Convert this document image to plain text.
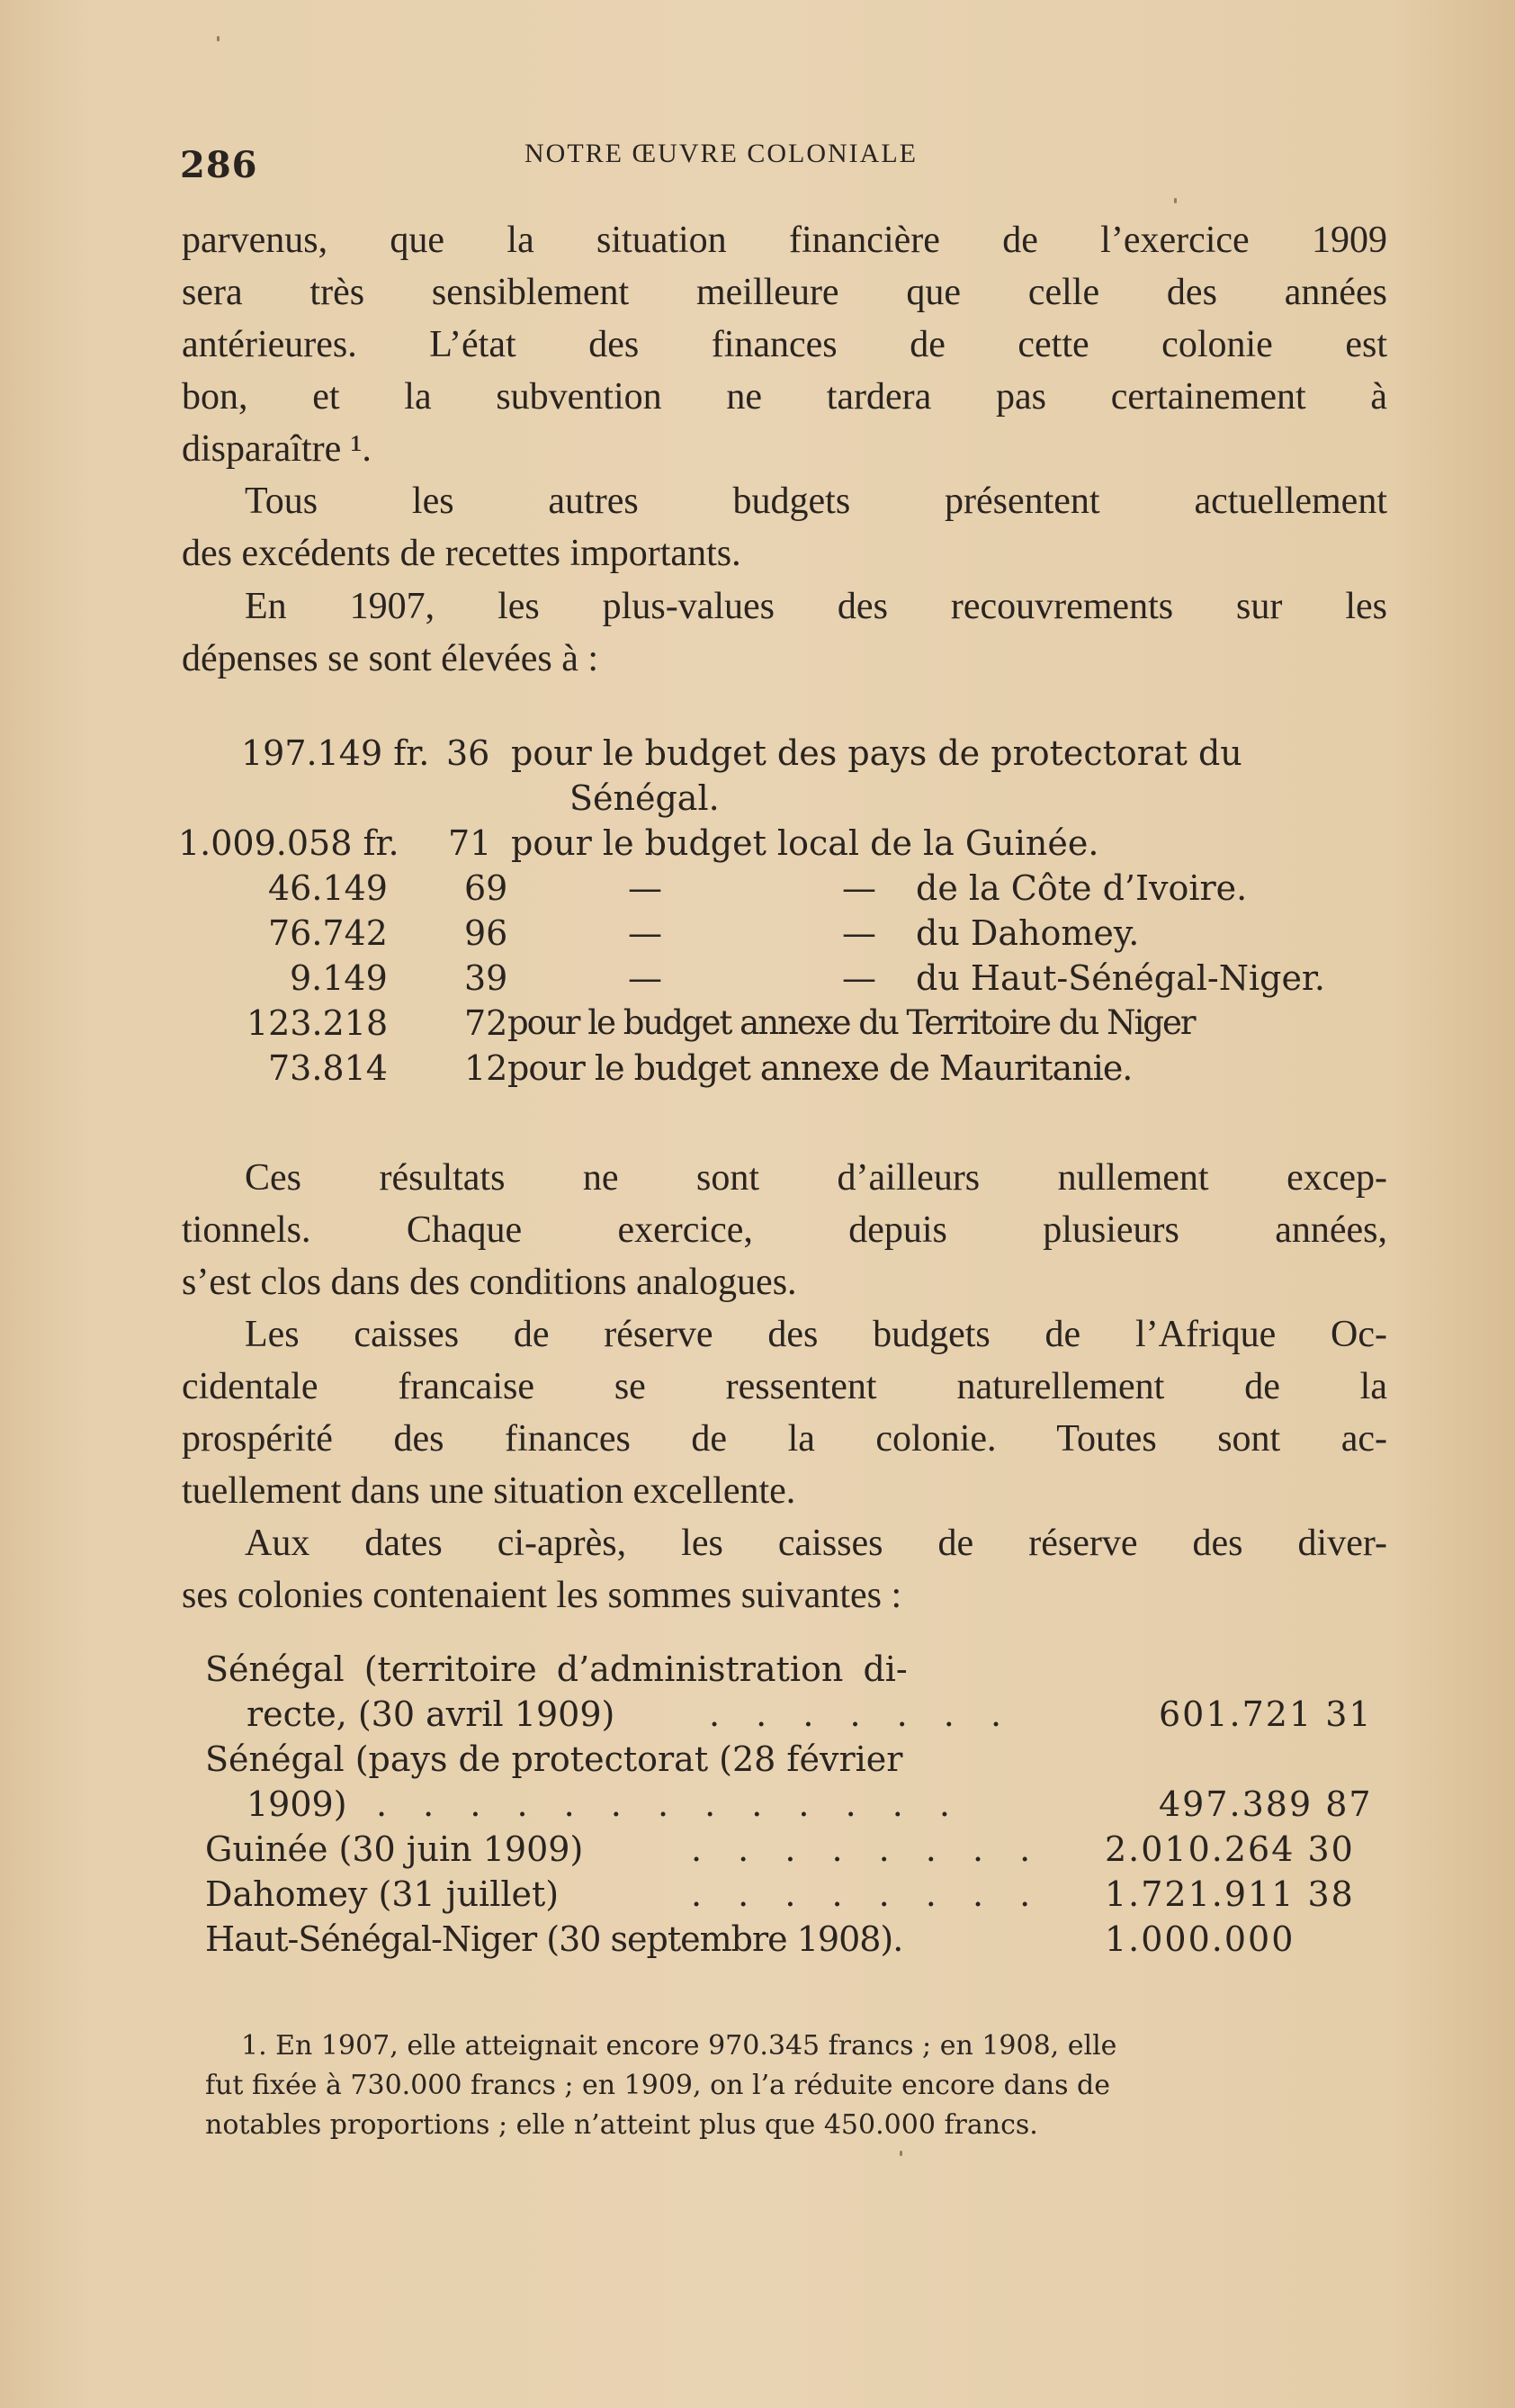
286	NOTRE ŒUVRE COLONIALE
parvenus, que la situation financière de l’exercice 1909
sera très sensiblement meilleure que celle des années
antérieures. L’état des finances de cette colonie est
bon, et la subvention ne tardera pas certainement à
disparaître ¹.
Tous les autres budgets présentent actuellement
des excédents de recettes importants.
En 1907, les plus-values des recouvrements sur les
dépenses se sont élevées à :
197.149 fr. 36 pour le budget des pays de protectorat du
Sénégal.
1.009.058 fr. 71 pour le budget local de la Guinée.
46.149 69	—	— de la Côte d’Ivoire.
76.742 96	—	— du Dahomey.
9.149 39	—	— du Haut-Sénégal-Niger.
123.218 72 pour le budget annexe du Territoire du Niger
73.814 12 pour le budget annexe de Mauritanie.
Ces résultats ne sont d’ailleurs nullement excep-
tionnels. Chaque exercice, depuis plusieurs années,
s’est clos dans des conditions analogues.
Les caisses de réserve des budgets de l’Afrique Oc-
cidentale francaise se ressentent naturellement de la
prospérité des finances de la colonie. Toutes sont ac-
tuellement dans une situation excellente.
Aux dates ci-après, les caisses de réserve des diver-
ses colonies contenaient les sommes suivantes :
Sénégal (territoire d’administration di-
recte, (30 avril 1909)	. . . . . . .	601.721 31
Sénégal (pays de protectorat (28 février
1909) . . . . . . . . . . . . .	497.389 87
Guinée (30 juin 1909)	. . . . . . . . 2.010.264 30
Dahomey (31 juillet)	. . . . . . . . 1.721.911 38
Haut-Sénégal-Niger (30 septembre 1908).	1.000.000
1. En 1907, elle atteignait encore 970.345 francs ; en 1908, elle
fut fixée à 730.000 francs ; en 1909, on l’a réduite encore dans de
notables proportions ; elle n’atteint plus que 450.000 francs.
